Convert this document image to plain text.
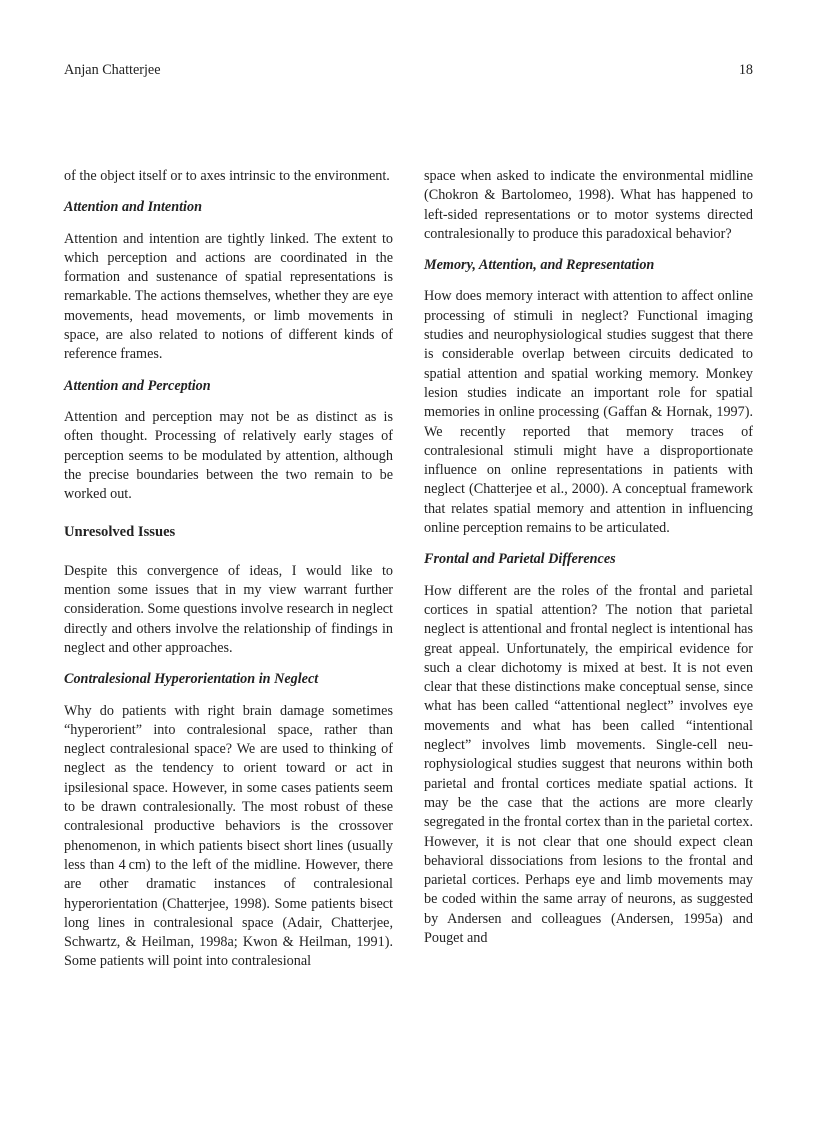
Anjan Chatterjee	18

of the object itself or to axes intrinsic to the environment.

Attention and Intention

Attention and intention are tightly linked. The extent to which perception and actions are coordinated in the formation and sustenance of spatial representations is remarkable. The actions themselves, whether they are eye movements, head movements, or limb movements in space, are also related to notions of different kinds of reference frames.

Attention and Perception

Attention and perception may not be as distinct as is often thought. Processing of relatively early stages of perception seems to be modulated by attention, although the precise boundaries between the two remain to be worked out.

Unresolved Issues

Despite this convergence of ideas, I would like to mention some issues that in my view warrant further consideration. Some questions involve research in neglect directly and others involve the relationship of findings in neglect and other approaches.

Contralesional Hyperorientation in Neglect

Why do patients with right brain damage sometimes “hyperorient” into contralesional space, rather than neglect contralesional space? We are used to thinking of neglect as the tendency to orient toward or act in ipsilesional space. However, in some cases patients seem to be drawn contralesionally. The most robust of these contralesional productive behaviors is the crossover phenomenon, in which patients bisect short lines (usually less than 4 cm) to the left of the midline. However, there are other dramatic instances of contralesional hyperorientation (Chatterjee, 1998). Some patients bisect long lines in contralesional space (Adair, Chatterjee, Schwartz, & Heilman, 1998a; Kwon & Heilman, 1991). Some patients will point into contralesional

space when asked to indicate the environmental midline (Chokron & Bartolomeo, 1998). What has happened to left-sided representations or to motor systems directed contralesionally to produce this paradoxical behavior?

Memory, Attention, and Representation

How does memory interact with attention to affect online processing of stimuli in neglect? Functional imaging studies and neurophysiological studies suggest that there is considerable overlap between circuits dedicated to spatial attention and spatial working memory. Monkey lesion studies indicate an important role for spatial memories in online processing (Gaffan & Hornak, 1997). We recently reported that memory traces of contralesional stimuli might have a disproportionate influence on online representations in patients with neglect (Chatterjee et al., 2000). A conceptual framework that relates spatial memory and attention in influencing online perception remains to be articulated.

Frontal and Parietal Differences

How different are the roles of the frontal and parietal cortices in spatial attention? The notion that parietal neglect is attentional and frontal neglect is intentional has great appeal. Unfortunately, the empirical evidence for such a clear dichotomy is mixed at best. It is not even clear that these distinctions make conceptual sense, since what has been called “attentional neglect” involves eye movements and what has been called “intentional neglect” involves limb movements. Single-cell neurophysiological studies suggest that neurons within both parietal and frontal cortices mediate spatial actions. It may be the case that the actions are more clearly segregated in the frontal cortex than in the parietal cortex. However, it is not clear that one should expect clean behavioral dissociations from lesions to the frontal and parietal cortices. Perhaps eye and limb movements may be coded within the same array of neurons, as suggested by Andersen and colleagues (Andersen, 1995a) and Pouget and
